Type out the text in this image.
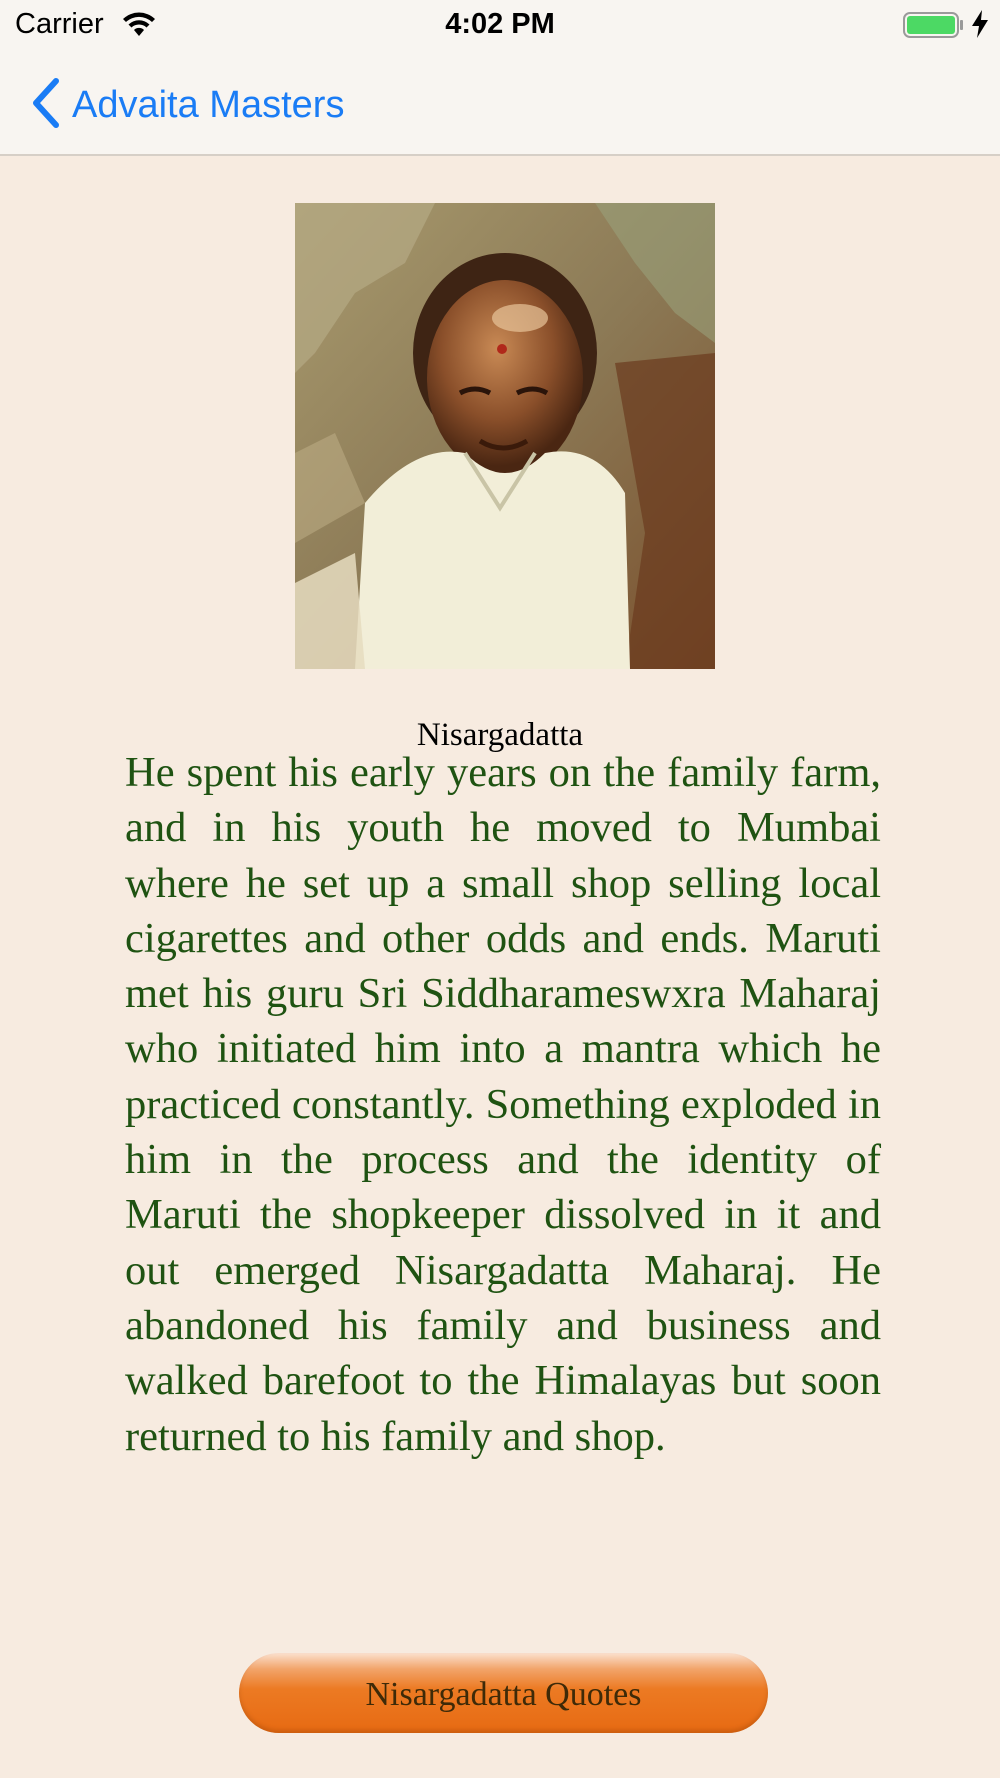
Carrier	4:02 PM
Advaita Masters
Nisargadatta

He spent his early years on the family farm, and in his youth he moved to Mumbai where he set up a small shop selling local cigarettes and other odds and ends. Maruti met his guru Sri Siddharameswxra Maharaj who initiated him into a mantra which he practiced constantly. Something exploded in him in the process and the identity of Maruti the shopkeeper dissolved in it and out emerged Nisargadatta Maharaj. He abandoned his family and business and walked barefoot to the Himalayas but soon returned to his family and shop.

Nisargadatta Quotes
